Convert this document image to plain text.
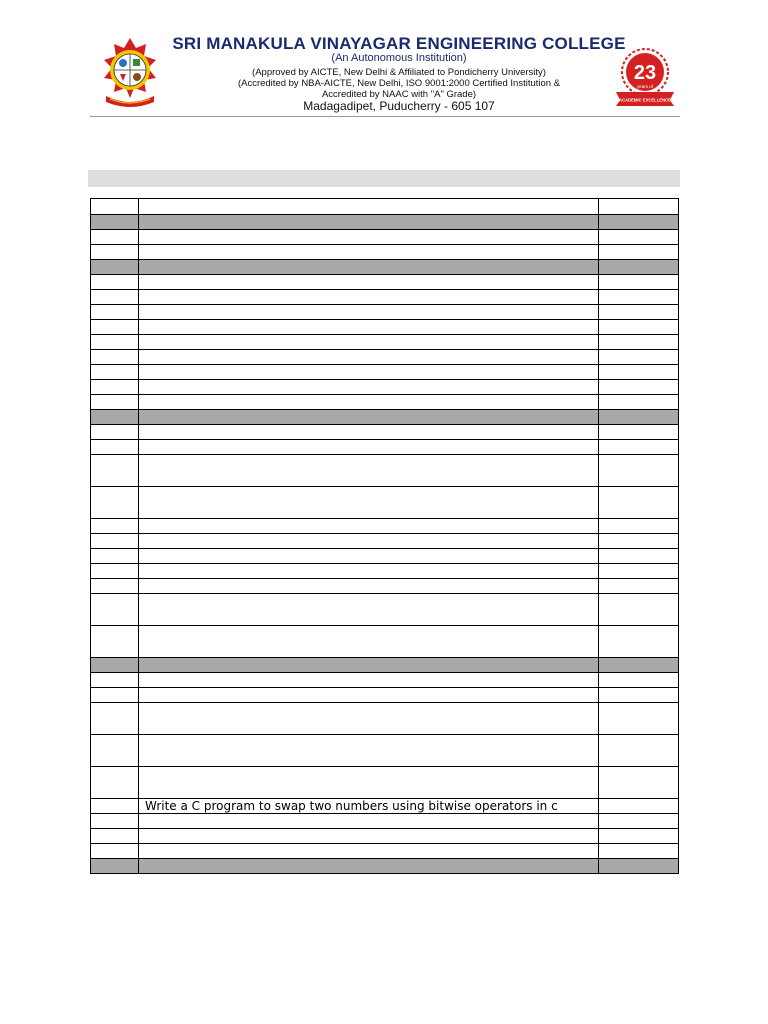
SRI MANAKULA VINAYAGAR ENGINEERING COLLEGE
(An Autonomous Institution)
(Approved by AICTE, New Delhi & Affiliated to Pondicherry University)
(Accredited by NBA-AICTE, New Delhi, ISO 9001:2000 Certified Institution &
Accredited by NAAC with "A" Grade)
Madagadipet, Puducherry - 605 107
23
years of
ACADEMIC EXCELLENCE

	Write a C program to swap two numbers using bitwise operators in c	
